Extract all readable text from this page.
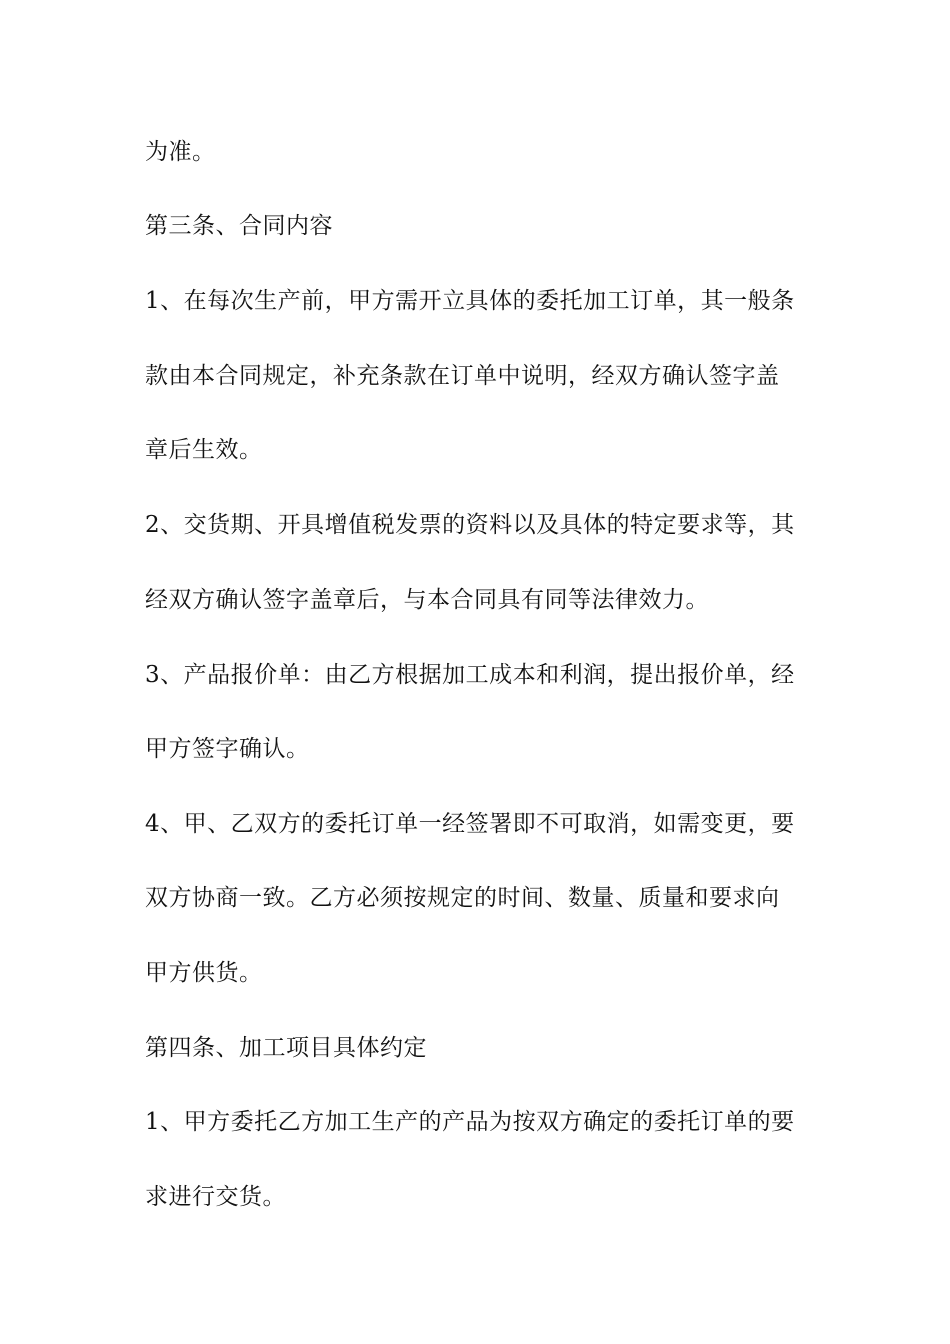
为准。
第三条、合同内容
1、在每次生产前，甲方需开立具体的委托加工订单，其一般条
款由本合同规定，补充条款在订单中说明，经双方确认签字盖
章后生效。
2、交货期、开具增值税发票的资料以及具体的特定要求等，其
经双方确认签字盖章后，与本合同具有同等法律效力。
3、产品报价单：由乙方根据加工成本和利润，提出报价单，经
甲方签字确认。
4、甲、乙双方的委托订单一经签署即不可取消，如需变更，要
双方协商一致。乙方必须按规定的时间、数量、质量和要求向
甲方供货。
第四条、加工项目具体约定
1、甲方委托乙方加工生产的产品为按双方确定的委托订单的要
求进行交货。
